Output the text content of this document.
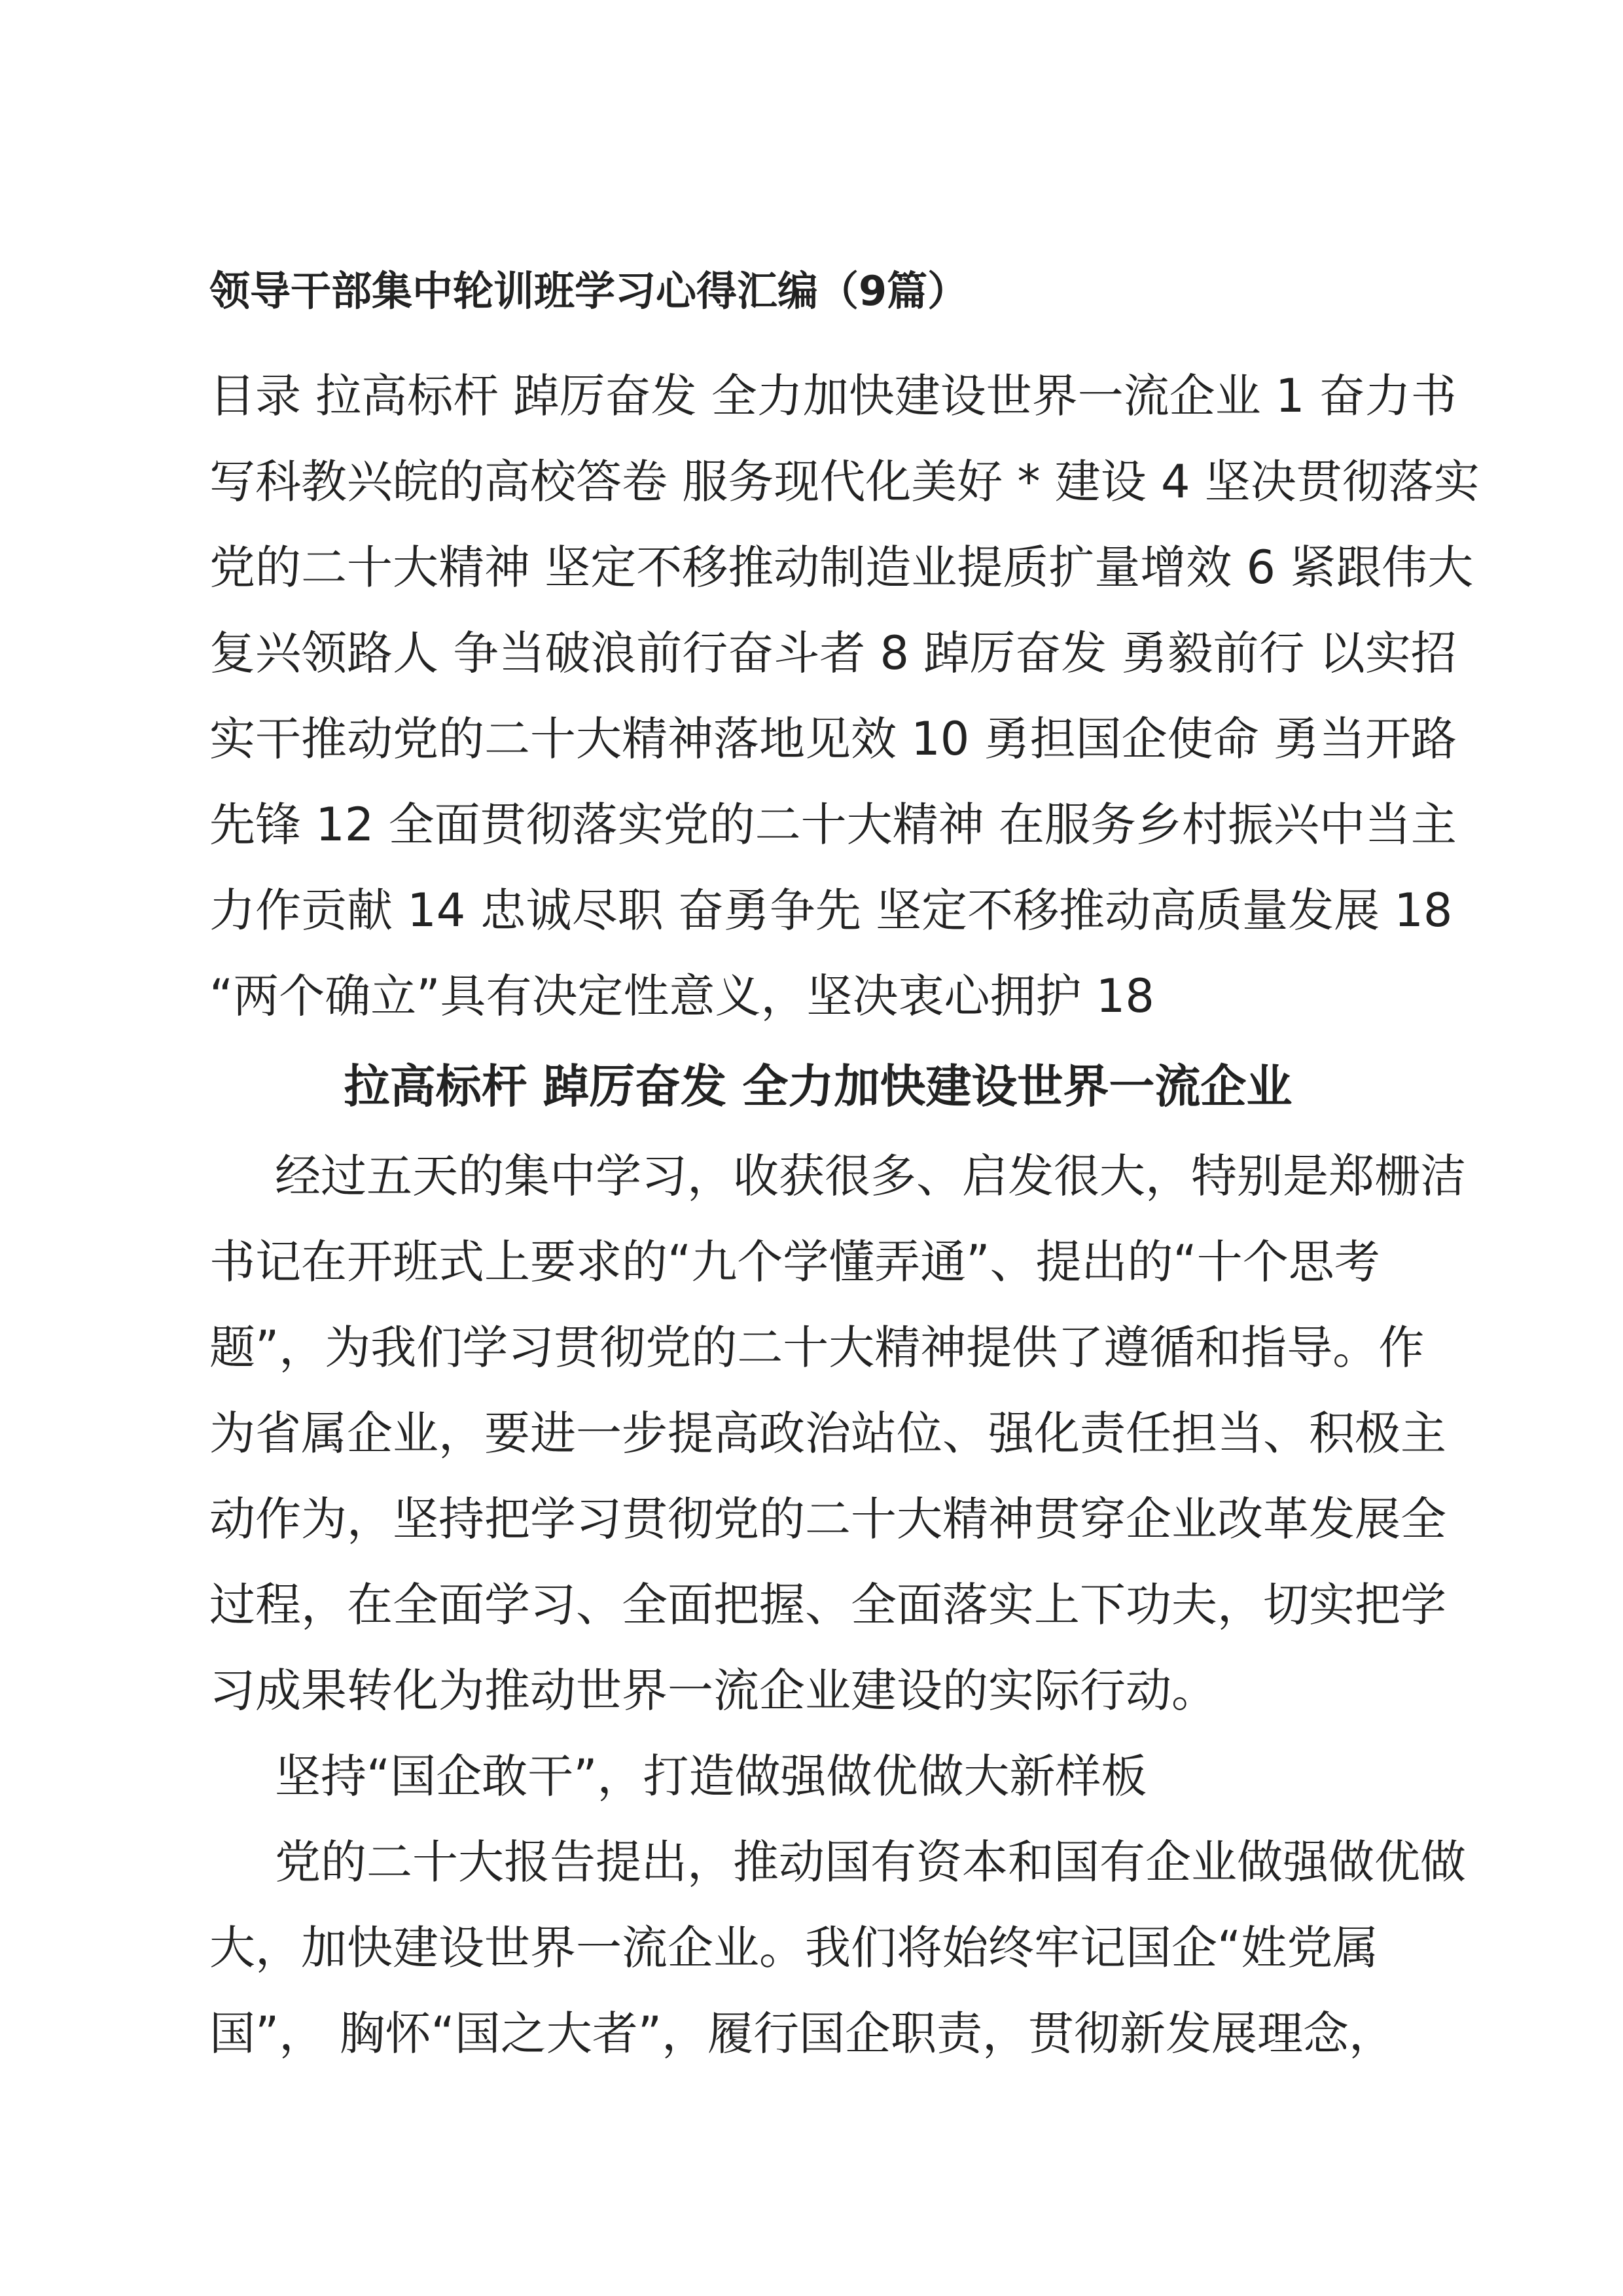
领导干部集中轮训班学习心得汇编（9篇）
目录 拉高标杆 踔厉奋发 全力加快建设世界一流企业 1 奋力书
写科教兴皖的高校答卷 服务现代化美好 * 建设 4 坚决贯彻落实
党的二十大精神 坚定不移推动制造业提质扩量增效 6 紧跟伟大
复兴领路人 争当破浪前行奋斗者 8 踔厉奋发 勇毅前行 以实招
实干推动党的二十大精神落地见效 10 勇担国企使命 勇当开路
先锋 12 全面贯彻落实党的二十大精神 在服务乡村振兴中当主
力作贡献 14 忠诚尽职 奋勇争先 坚定不移推动高质量发展 18
“两个确立”具有决定性意义，坚决衷心拥护 18
拉高标杆 踔厉奋发 全力加快建设世界一流企业
经过五天的集中学习，收获很多、启发很大，特别是郑栅洁
书记在开班式上要求的“九个学懂弄通”、提出的“十个思考
题”，为我们学习贯彻党的二十大精神提供了遵循和指导。作
为省属企业，要进一步提高政治站位、强化责任担当、积极主
动作为，坚持把学习贯彻党的二十大精神贯穿企业改革发展全
过程，在全面学习、全面把握、全面落实上下功夫，切实把学
习成果转化为推动世界一流企业建设的实际行动。
坚持“国企敢干”，打造做强做优做大新样板
党的二十大报告提出，推动国有资本和国有企业做强做优做
大，加快建设世界一流企业。我们将始终牢记国企“姓党属
国”， 胸怀“国之大者”，履行国企职责，贯彻新发展理念，
